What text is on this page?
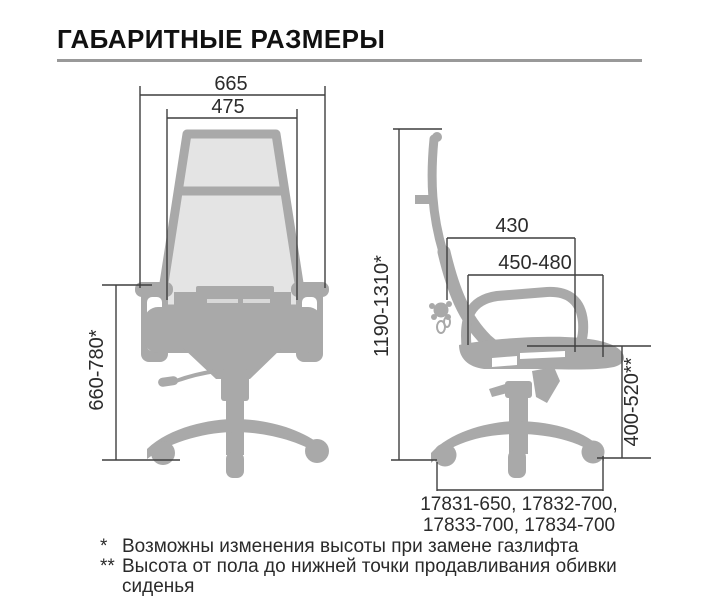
ГАБАРИТНЫЕ РАЗМЕРЫ
665
475
660-780*
1190-1310*
430
450-480
400-520**
17831-650, 17832-700,
17833-700, 17834-700
* Возможны изменения высоты при замене газлифта
** Высота от пола до нижней точки продавливания обивки сиденья
